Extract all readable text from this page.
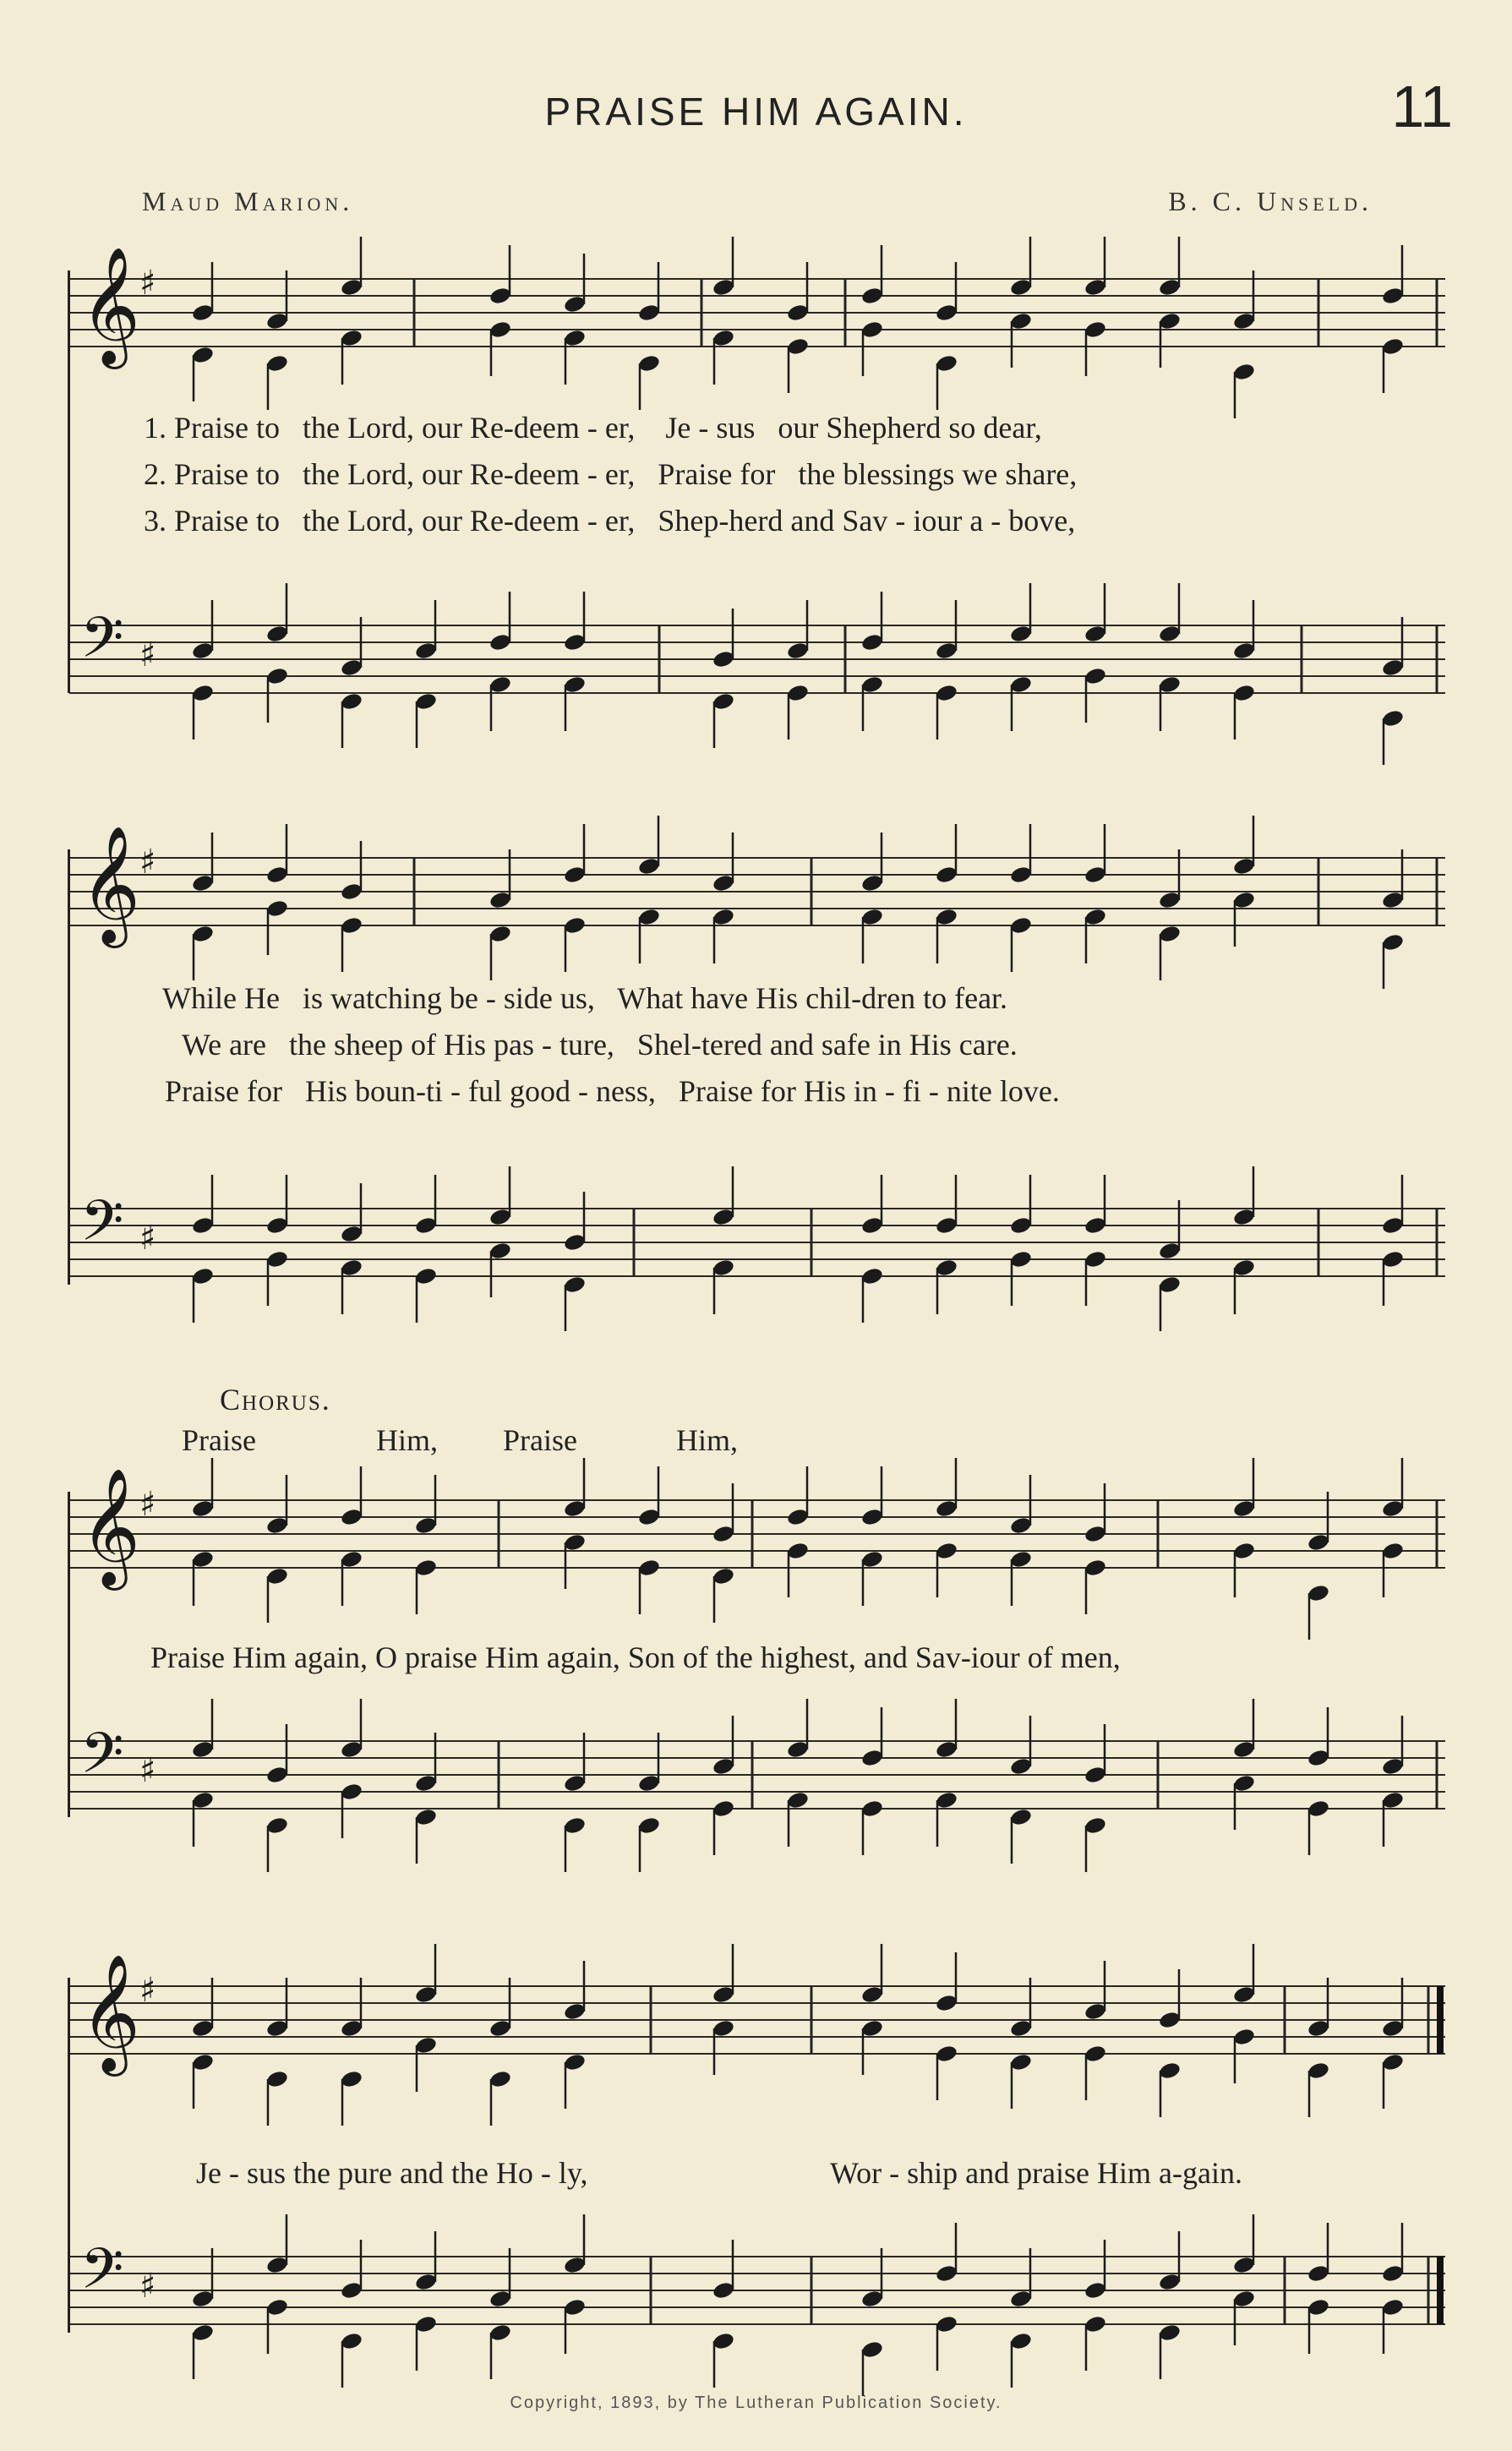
PRAISE HIM AGAIN.	11
Maud Marion.	B. C. Unseld.
𝄞 ♯
𝄢 ♯
1. Praise to the Lord, our Re-deem - er, Je - sus our Shepherd so dear,
2. Praise to the Lord, our Re-deem - er, Praise for the blessings we share,
3. Praise to the Lord, our Re-deem - er, Shep-herd and Sav - iour a - bove,
𝄞 ♯
𝄢 ♯
While He is watching be - side us, What have His chil-dren to fear.
We are the sheep of His pas - ture, Shel-tered and safe in His care.
Praise for His boun-ti - ful good - ness, Praise for His in - fi - nite love.
Chorus.
Praise	Him, Praise	Him,
𝄞 ♯
Praise Him again, O praise Him again, Son of the highest, and Sav-iour of men,
𝄢 ♯
𝄞 ♯
Je - sus the pure and the Ho - ly,	Wor - ship and praise Him a-gain.
𝄢 ♯
Copyright, 1893, by The Lutheran Publication Society.
